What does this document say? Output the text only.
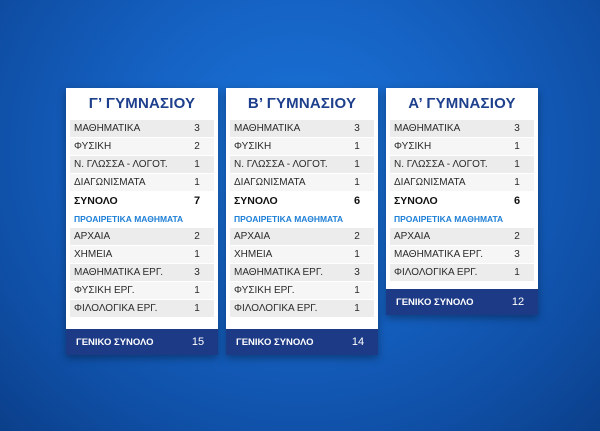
Γ’ ΓΥΜΝΑΣΙΟΥ
ΜΑΘΗΜΑΤΙΚΑ	3
ΦΥΣΙΚΗ	2
Ν. ΓΛΩΣΣΑ - ΛΟΓΟΤ.	1
ΔΙΑΓΩΝΙΣΜΑΤΑ	1
ΣΥΝΟΛΟ	7
ΠΡΟΑΙΡΕΤΙΚΑ ΜΑΘΗΜΑΤΑ
ΑΡΧΑΙΑ	2
ΧΗΜΕΙΑ	1
ΜΑΘΗΜΑΤΙΚΑ ΕΡΓ.	3
ΦΥΣΙΚΗ ΕΡΓ.	1
ΦΙΛΟΛΟΓΙΚΑ ΕΡΓ.	1
ΓΕΝΙΚΟ ΣΥΝΟΛΟ	15
Β’ ΓΥΜΝΑΣΙΟΥ
ΜΑΘΗΜΑΤΙΚΑ	3
ΦΥΣΙΚΗ	1
Ν. ΓΛΩΣΣΑ - ΛΟΓΟΤ.	1
ΔΙΑΓΩΝΙΣΜΑΤΑ	1
ΣΥΝΟΛΟ	6
ΠΡΟΑΙΡΕΤΙΚΑ ΜΑΘΗΜΑΤΑ
ΑΡΧΑΙΑ	2
ΧΗΜΕΙΑ	1
ΜΑΘΗΜΑΤΙΚΑ ΕΡΓ.	3
ΦΥΣΙΚΗ ΕΡΓ.	1
ΦΙΛΟΛΟΓΙΚΑ ΕΡΓ.	1
ΓΕΝΙΚΟ ΣΥΝΟΛΟ	14
Α’ ΓΥΜΝΑΣΙΟΥ
ΜΑΘΗΜΑΤΙΚΑ	3
ΦΥΣΙΚΗ	1
Ν. ΓΛΩΣΣΑ - ΛΟΓΟΤ.	1
ΔΙΑΓΩΝΙΣΜΑΤΑ	1
ΣΥΝΟΛΟ	6
ΠΡΟΑΙΡΕΤΙΚΑ ΜΑΘΗΜΑΤΑ
ΑΡΧΑΙΑ	2
ΜΑΘΗΜΑΤΙΚΑ ΕΡΓ.	3
ΦΙΛΟΛΟΓΙΚΑ ΕΡΓ.	1
ΓΕΝΙΚΟ ΣΥΝΟΛΟ	12
